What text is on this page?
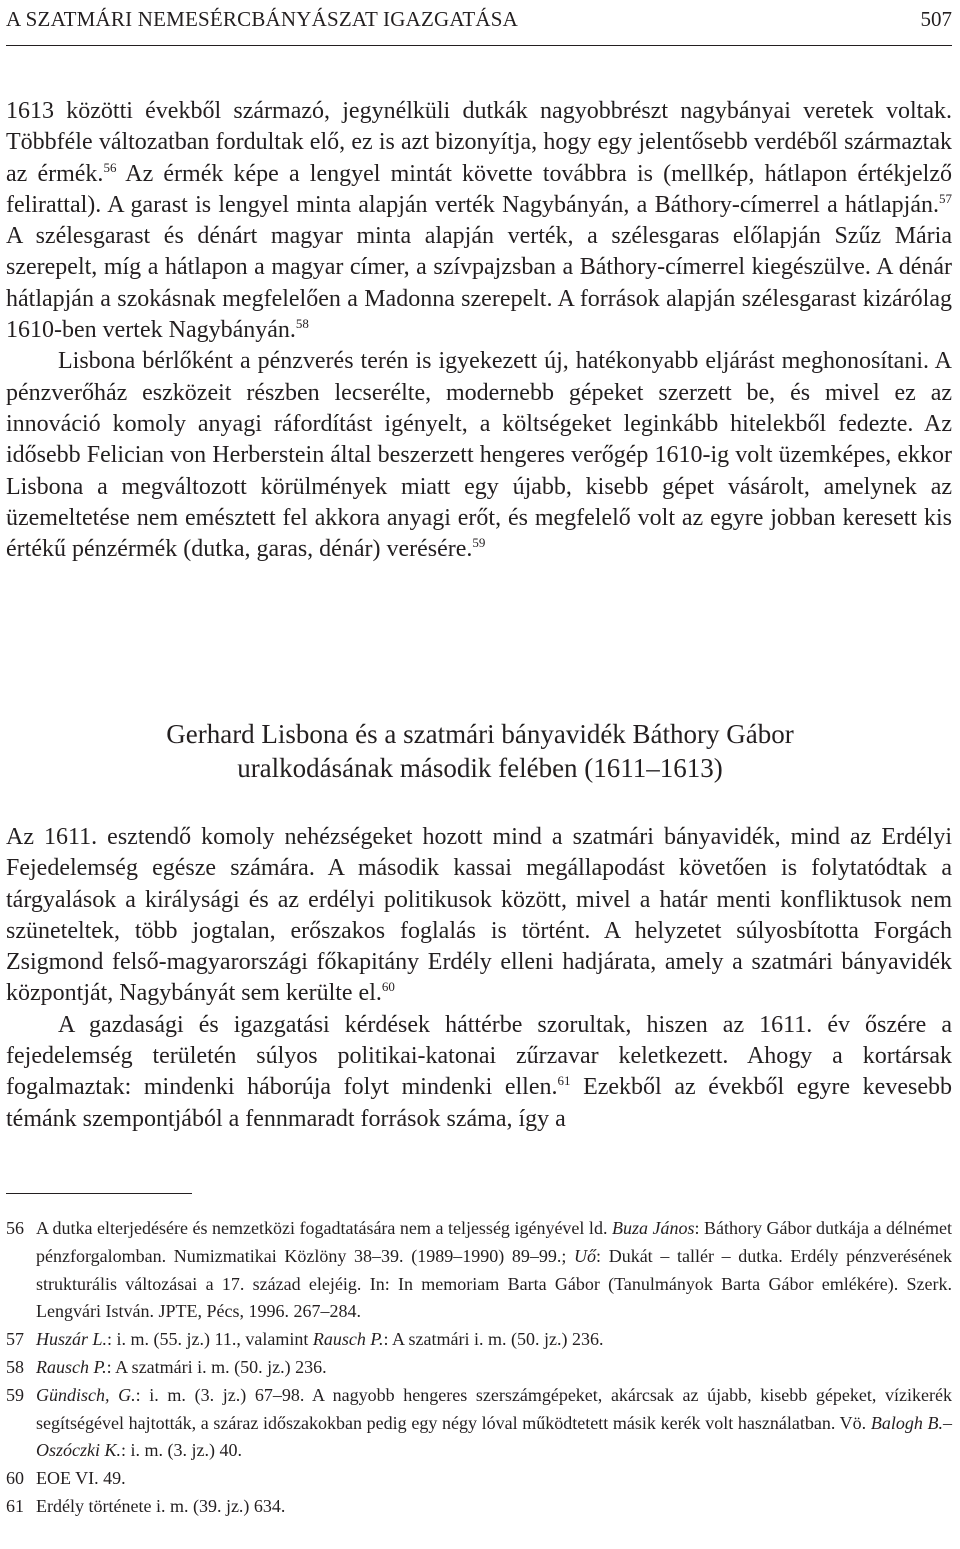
A SZATMÁRI NEMESÉRCBÁNYÁSZAT IGAZGATÁSA	507

1613 közötti évekből származó, jegynélküli dutkák nagyobbrészt nagybányai veretek voltak. Többféle változatban fordultak elő, ez is azt bizonyítja, hogy egy jelentősebb verdéből származtak az érmék.$^{56}$ Az érmék képe a lengyel mintát követte továbbra is (mellkép, hátlapon értékjelző felirattal). A garast is lengyel minta alapján verték Nagybányán, a Báthory-címerrel a hátlapján.$^{57}$ A szélesgarast és dénárt magyar minta alapján verték, a szélesgaras előlapján Szűz Mária szerepelt, míg a hátlapon a magyar címer, a szívpajzsban a Báthory-címerrel kiegészülve. A dénár hátlapján a szokásnak megfelelően a Madonna szerepelt. A források alapján szélesgarast kizárólag 1610-ben vertek Nagybányán.$^{58}$

Lisbona bérlőként a pénzverés terén is igyekezett új, hatékonyabb eljárást meghonosítani. A pénzverőház eszközeit részben lecserélte, modernebb gépeket szerzett be, és mivel ez az innováció komoly anyagi ráfordítást igényelt, a költségeket leginkább hitelekből fedezte. Az idősebb Felician von Herberstein által beszerzett hengeres verőgép 1610-ig volt üzemképes, ekkor Lisbona a megváltozott körülmények miatt egy újabb, kisebb gépet vásárolt, amelynek az üzemeltetése nem emésztett fel akkora anyagi erőt, és megfelelő volt az egyre jobban keresett kis értékű pénzérmék (dutka, garas, dénár) verésére.$^{59}$

Gerhard Lisbona és a szatmári bányavidék Báthory Gábor
uralkodásának második felében (1611–1613)

Az 1611. esztendő komoly nehézségeket hozott mind a szatmári bányavidék, mind az Erdélyi Fejedelemség egésze számára. A második kassai megállapodást követően is folytatódtak a tárgyalások a királysági és az erdélyi politikusok között, mivel a határ menti konfliktusok nem szüneteltek, több jogtalan, erőszakos foglalás is történt. A helyzetet súlyosbította Forgách Zsigmond felső-magyarországi főkapitány Erdély elleni hadjárata, amely a szatmári bányavidék központját, Nagybányát sem kerülte el.$^{60}$

A gazdasági és igazgatási kérdések háttérbe szorultak, hiszen az 1611. év őszére a fejedelemség területén súlyos politikai-katonai zűrzavar keletkezett. Ahogy a kortársak fogalmaztak: mindenki háborúja folyt mindenki ellen.$^{61}$ Ezekből az évekből egyre kevesebb témánk szempontjából a fennmaradt források száma, így a

56 A dutka elterjedésére és nemzetközi fogadtatására nem a teljesség igényével ld. Buza János: Báthory Gábor dutkája a délnémet pénzforgalomban. Numizmatikai Közlöny 38–39. (1989–1990) 89–99.; Uő: Dukát – tallér – dutka. Erdély pénzverésének strukturális változásai a 17. század elejéig. In: In memoriam Barta Gábor (Tanulmányok Barta Gábor emlékére). Szerk. Lengvári István. JPTE, Pécs, 1996. 267–284.
57 Huszár L.: i. m. (55. jz.) 11., valamint Rausch P.: A szatmári i. m. (50. jz.) 236.
58 Rausch P.: A szatmári i. m. (50. jz.) 236.
59 Gündisch, G.: i. m. (3. jz.) 67–98. A nagyobb hengeres szerszámgépeket, akárcsak az újabb, kisebb gépeket, vízikerék segítségével hajtották, a száraz időszakokban pedig egy négy lóval működtetett másik kerék volt használatban. Vö. Balogh B.–Oszóczki K.: i. m. (3. jz.) 40.
60 EOE VI. 49.
61 Erdély története i. m. (39. jz.) 634.
